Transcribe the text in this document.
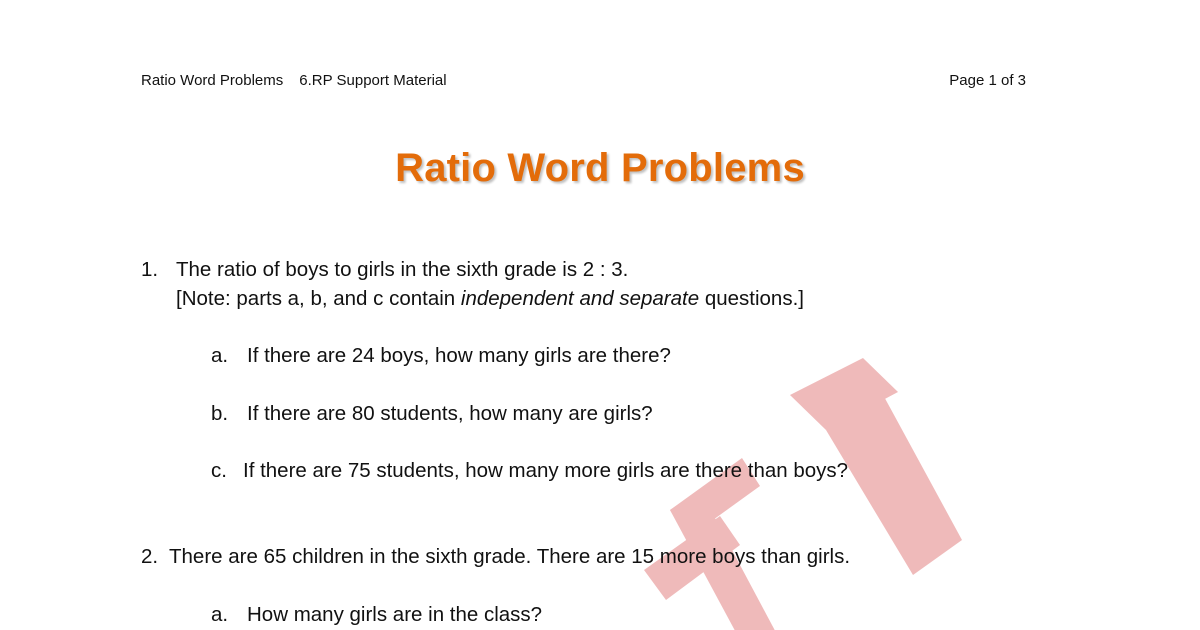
Ratio Word Problems 6.RP Support Material	Page 1 of 3
Ratio Word Problems
1. The ratio of boys to girls in the sixth grade is 2 : 3.
[Note: parts a, b, and c contain independent and separate questions.]
a. If there are 24 boys, how many girls are there?
b. If there are 80 students, how many are girls?
c. If there are 75 students, how many more girls are there than boys?
2. There are 65 children in the sixth grade. There are 15 more boys than girls.
a. How many girls are in the class?
